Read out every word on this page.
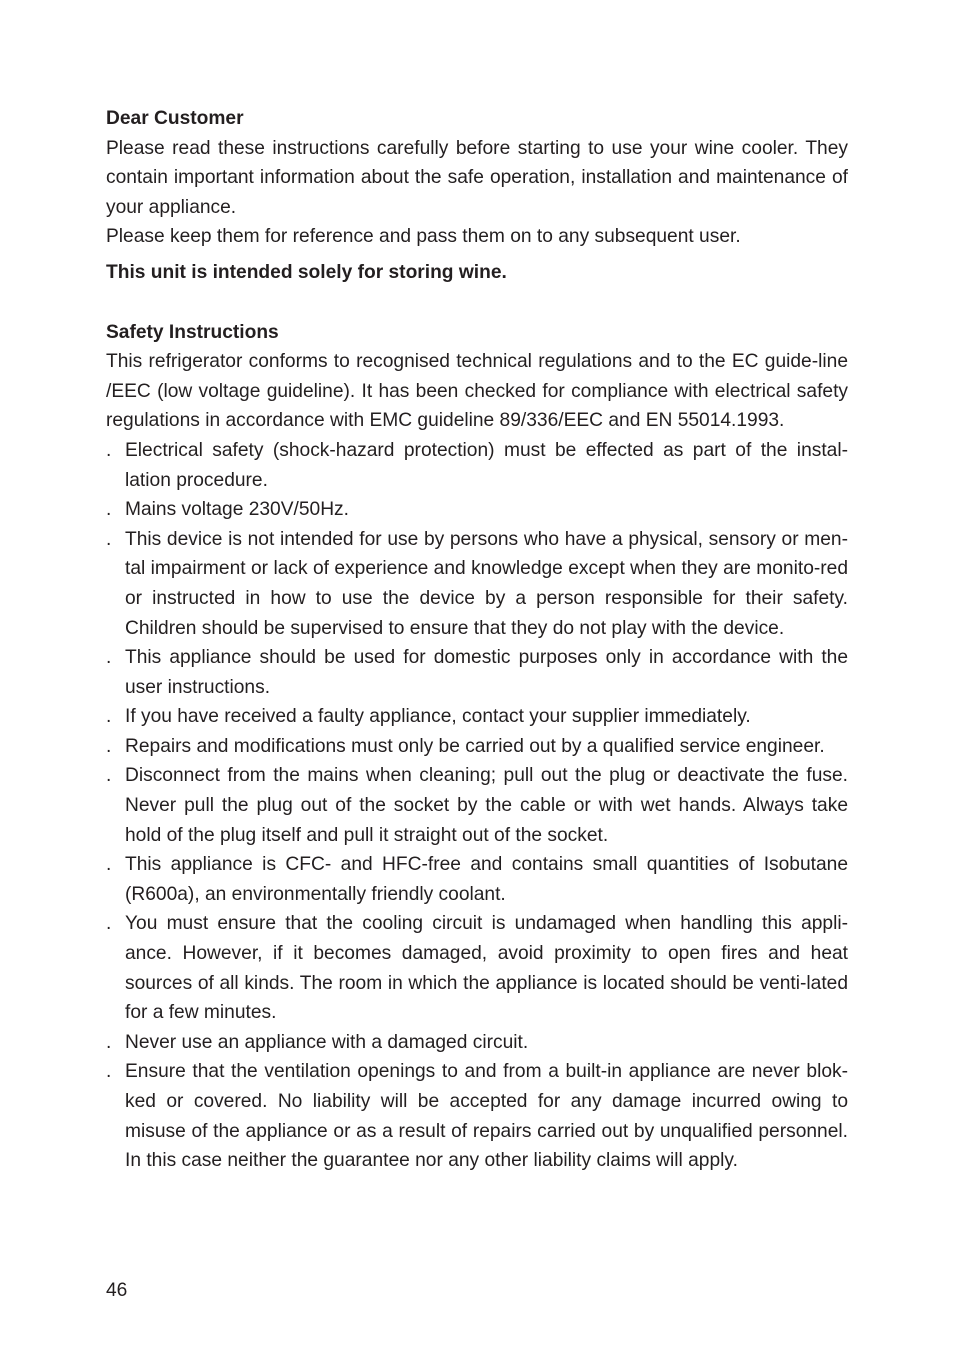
Dear Customer

Please read these instructions carefully before starting to use your wine cooler. They contain important information about the safe operation, installation and maintenance of your appliance.

Please keep them for reference and pass them on to any subsequent user.

This unit is intended solely for storing wine.

Safety Instructions

This refrigerator conforms to recognised technical regulations and to the EC guide-line /EEC (low voltage guideline). It has been checked for compliance with electrical safety regulations in accordance with EMC guideline 89/336/EEC and EN 55014.1993.

. Electrical safety (shock-hazard protection) must be effected as part of the instal-lation procedure.
. Mains voltage 230V/50Hz.
. This device is not intended for use by persons who have a physical, sensory or men-tal impairment or lack of experience and knowledge except when they are monito-red or instructed in how to use the device by a person responsible for their safety. Children should be supervised to ensure that they do not play with the device.
. This appliance should be used for domestic purposes only in accordance with the user instructions.
. If you have received a faulty appliance, contact your supplier immediately.
. Repairs and modifications must only be carried out by a qualified service engineer.
. Disconnect from the mains when cleaning; pull out the plug or deactivate the fuse. Never pull the plug out of the socket by the cable or with wet hands. Always take hold of the plug itself and pull it straight out of the socket.
. This appliance is CFC- and HFC-free and contains small quantities of Isobutane (R600a), an environmentally friendly coolant.
. You must ensure that the cooling circuit is undamaged when handling this appli-ance. However, if it becomes damaged, avoid proximity to open fires and heat sources of all kinds. The room in which the appliance is located should be venti-lated for a few minutes.
. Never use an appliance with a damaged circuit.
. Ensure that the ventilation openings to and from a built-in appliance are never blok-ked or covered. No liability will be accepted for any damage incurred owing to misuse of the appliance or as a result of repairs carried out by unqualified personnel. In this case neither the guarantee nor any other liability claims will apply.
46
